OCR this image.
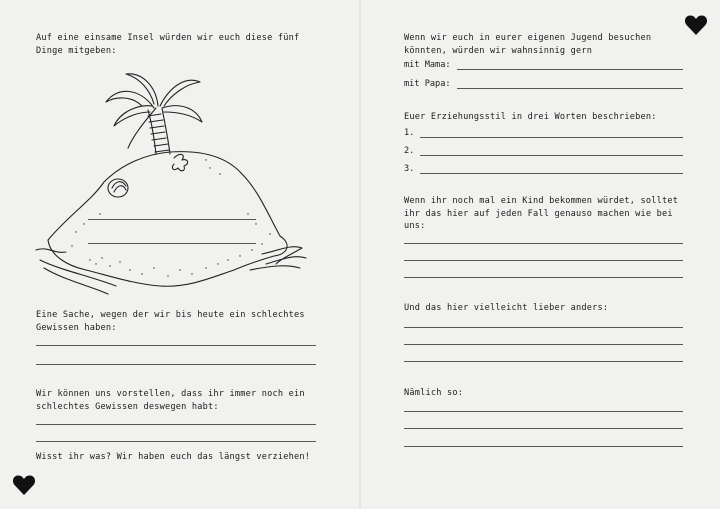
Auf eine einsame Insel würden wir euch diese fünf
Dinge mitgeben:
Eine Sache, wegen der wir bis heute ein schlechtes
Gewissen haben:
Wir können uns vorstellen, dass ihr immer noch ein
schlechtes Gewissen deswegen habt:
Wisst ihr was? Wir haben euch das längst verziehen!
Wenn wir euch in eurer eigenen Jugend besuchen
könnten, würden wir wahnsinnig gern
mit Mama:
mit Papa:
Euer Erziehungsstil in drei Worten beschrieben:
1.
2.
3.
Wenn ihr noch mal ein Kind bekommen würdet, solltet
ihr das hier auf jeden Fall genauso machen wie bei
uns:
Und das hier vielleicht lieber anders:
Nämlich so:
